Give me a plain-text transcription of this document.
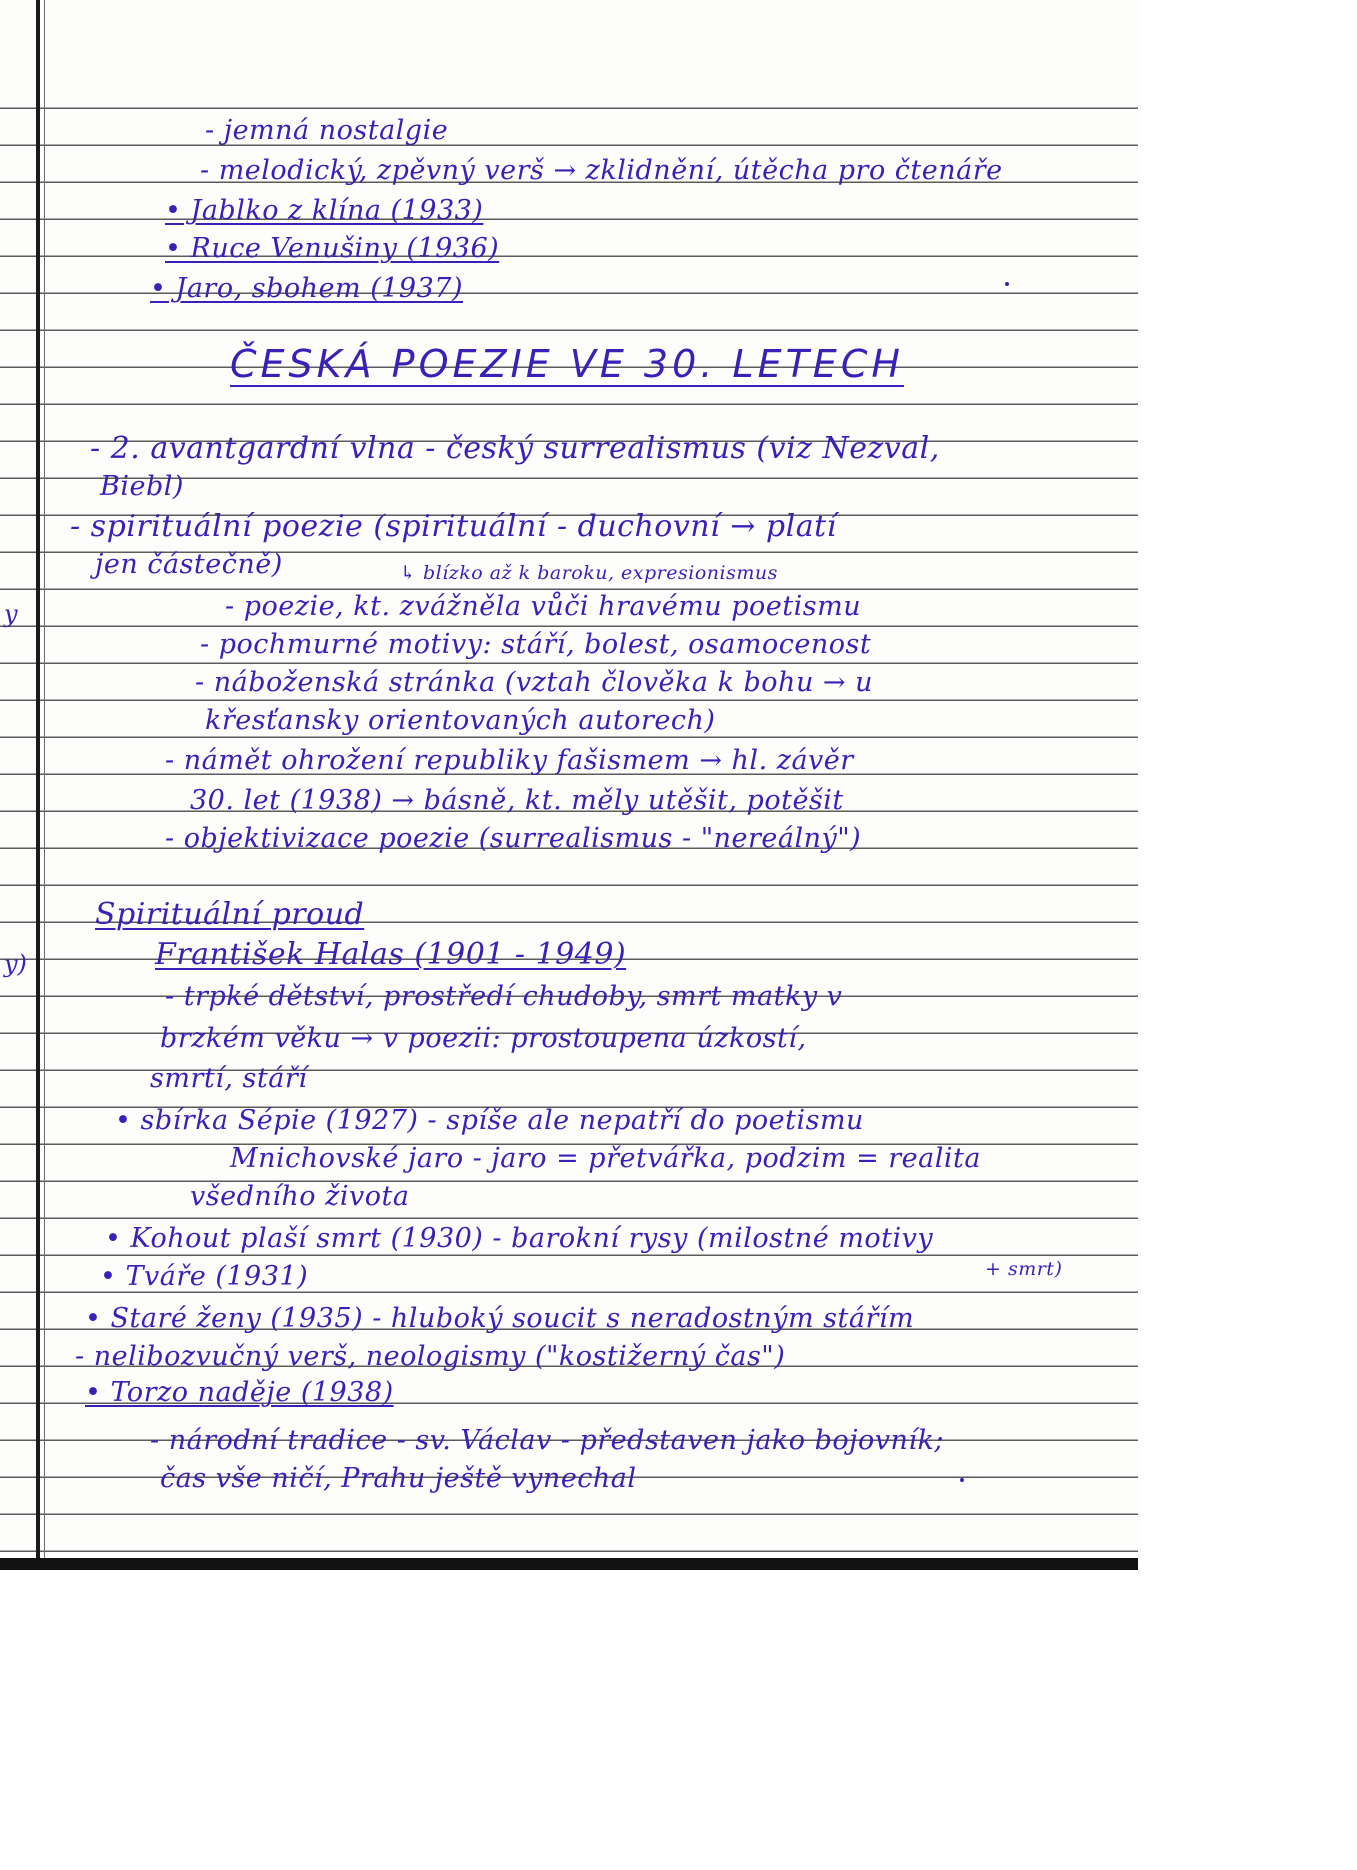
- jemná nostalgie
- melodický, zpěvný verš → zklidnění, útěcha pro čtenáře
• Jablko z klína (1933)
• Ruce Venušiny (1936)
• Jaro, sbohem (1937)
ČESKÁ POEZIE VE 30. LETECH
- 2. avantgardní vlna - český surrealismus (viz Nezval,
Biebl)
- spirituální poezie (spirituální - duchovní → platí
jen částečně)	↳ blízko až k baroku, expresionismus
- poezie, kt. zvážněla vůči hravému poetismu
- pochmurné motivy: stáří, bolest, osamocenost
- náboženská stránka (vztah člověka k bohu → u
křesťansky orientovaných autorech)
- námět ohrožení republiky fašismem → hl. závěr
30. let (1938) → básně, kt. měly utěšit, potěšit
- objektivizace poezie (surrealismus - "nereálný")
Spirituální proud
František Halas (1901 - 1949)
- trpké dětství, prostředí chudoby, smrt matky v
brzkém věku → v poezii: prostoupena úzkostí,
smrtí, stáří
• sbírka Sépie (1927) - spíše ale nepatří do poetismu
Mnichovské jaro - jaro = přetvářka, podzim = realita
všedního života
• Kohout plaší smrt (1930) - barokní rysy (milostné motivy
+ smrt)
• Tváře (1931)
• Staré ženy (1935) - hluboký soucit s neradostným stářím
- nelibozvučný verš, neologismy ("kostižerný čas")
• Torzo naděje (1938)
- národní tradice - sv. Václav - představen jako bojovník;
čas vše ničí, Prahu ještě vynechal
y
y)
